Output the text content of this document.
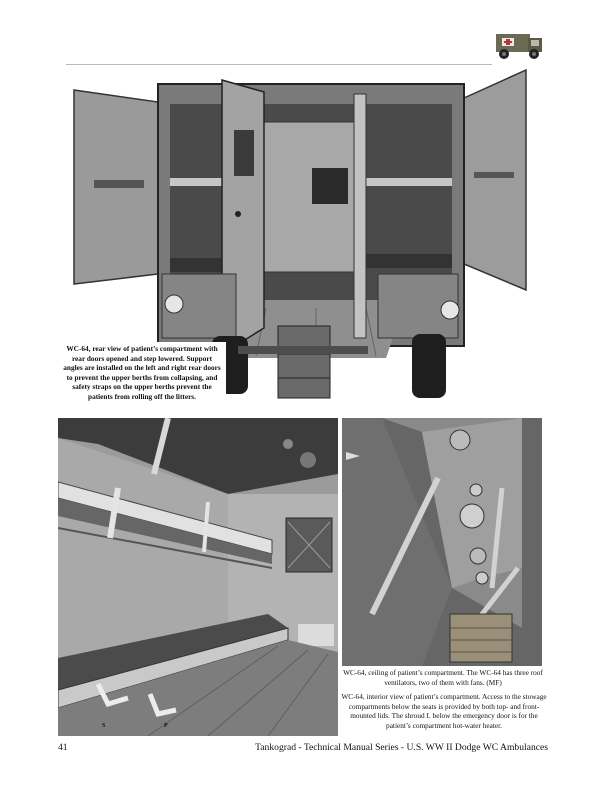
WC-64, rear view of patient’s compartment with rear doors opened and step lowered. Support angles are installed on the left and right rear doors to prevent the upper berths from collapsing, and safety straps on the upper berths prevent the patients from rolling off the litters.

S	P

WC-64, ceiling of patient’s compartment. The WC-64 has three roof ventilators, two of them with fans. (MF)

WC-64, interior view of patient’s compartment. Access to the stowage compartments below the seats is provided by both top- and front-mounted lids. The shroud I. below the emergency door is for the patient’s compartment hot-water heater.

41	Tankograd - Technical Manual Series - U.S. WW II Dodge WC Ambulances
